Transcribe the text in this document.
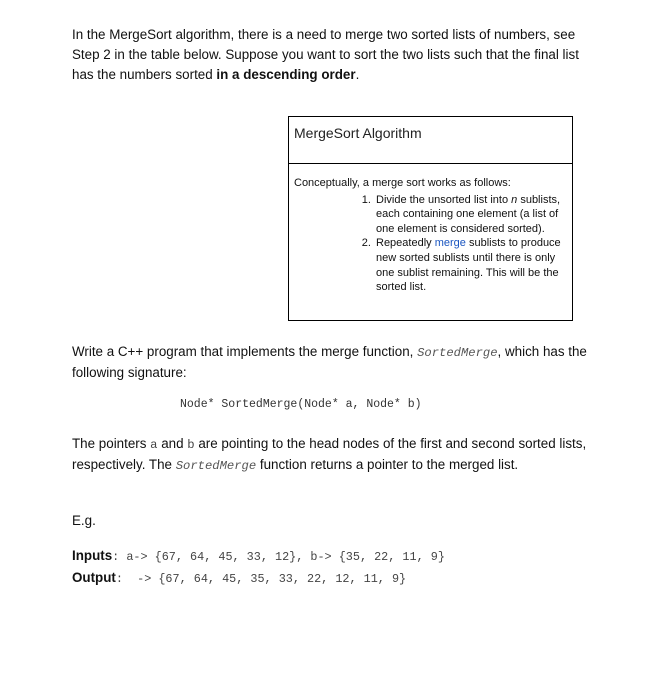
In the MergeSort algorithm, there is a need to merge two sorted lists of numbers, see Step 2 in the table below. Suppose you want to sort the two lists such that the final list has the numbers sorted in a descending order.

MergeSort Algorithm
Conceptually, a merge sort works as follows:
1. Divide the unsorted list into n sublists, each containing one element (a list of one element is considered sorted).
2. Repeatedly merge sublists to produce new sorted sublists until there is only one sublist remaining. This will be the sorted list.

Write a C++ program that implements the merge function, SortedMerge, which has the following signature:

Node* SortedMerge(Node* a, Node* b)

The pointers a and b are pointing to the head nodes of the first and second sorted lists, respectively. The SortedMerge function returns a pointer to the merged list.

E.g.
Inputs: a-> {67, 64, 45, 33, 12}, b-> {35, 22, 11, 9}
Output:  -> {67, 64, 45, 35, 33, 22, 12, 11, 9}
